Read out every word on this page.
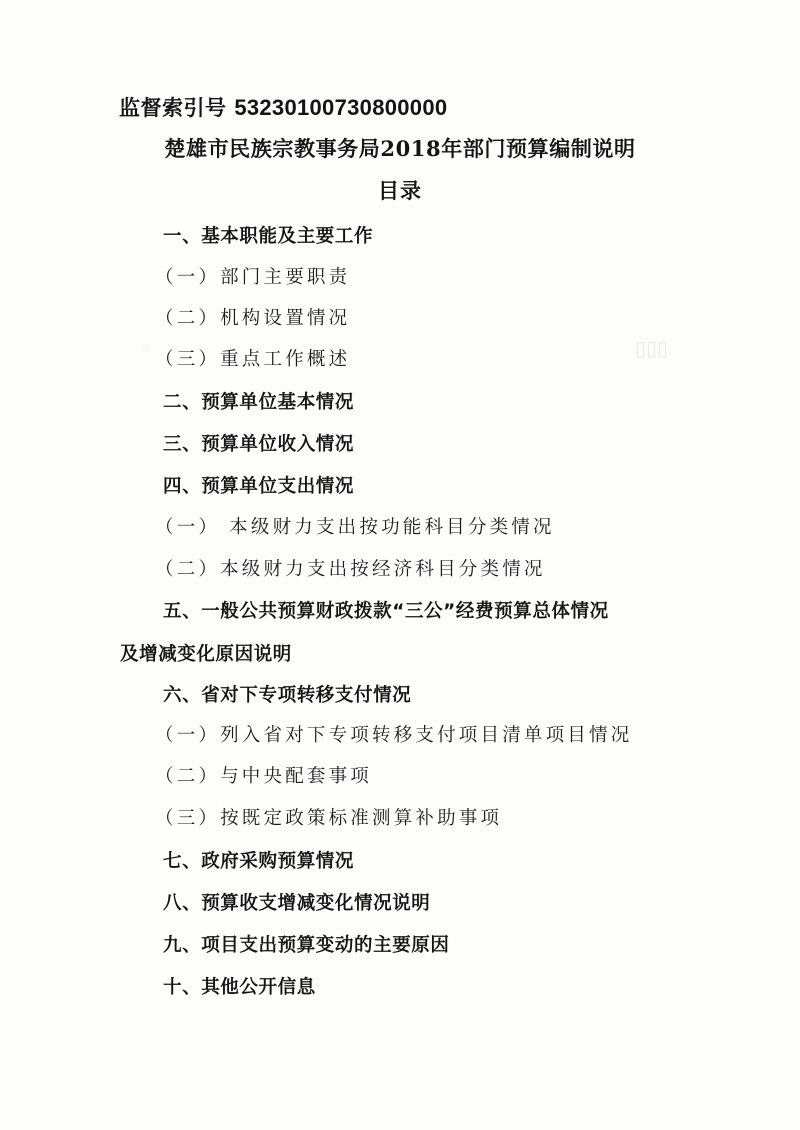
▯▯▯
◦
监督索引号 53230100730800000
楚雄市民族宗教事务局2018年部门预算编制说明
目录
一、基本职能及主要工作
（一）部门主要职责
（二）机构设置情况
（三）重点工作概述
二、预算单位基本情况
三、预算单位收入情况
四、预算单位支出情况
（一） 本级财力支出按功能科目分类情况
（二）本级财力支出按经济科目分类情况
五、一般公共预算财政拨款“三公”经费预算总体情况
及增减变化原因说明
六、省对下专项转移支付情况
（一）列入省对下专项转移支付项目清单项目情况
（二）与中央配套事项
（三）按既定政策标准测算补助事项
七、政府采购预算情况
八、预算收支增减变化情况说明
九、项目支出预算变动的主要原因
十、其他公开信息
